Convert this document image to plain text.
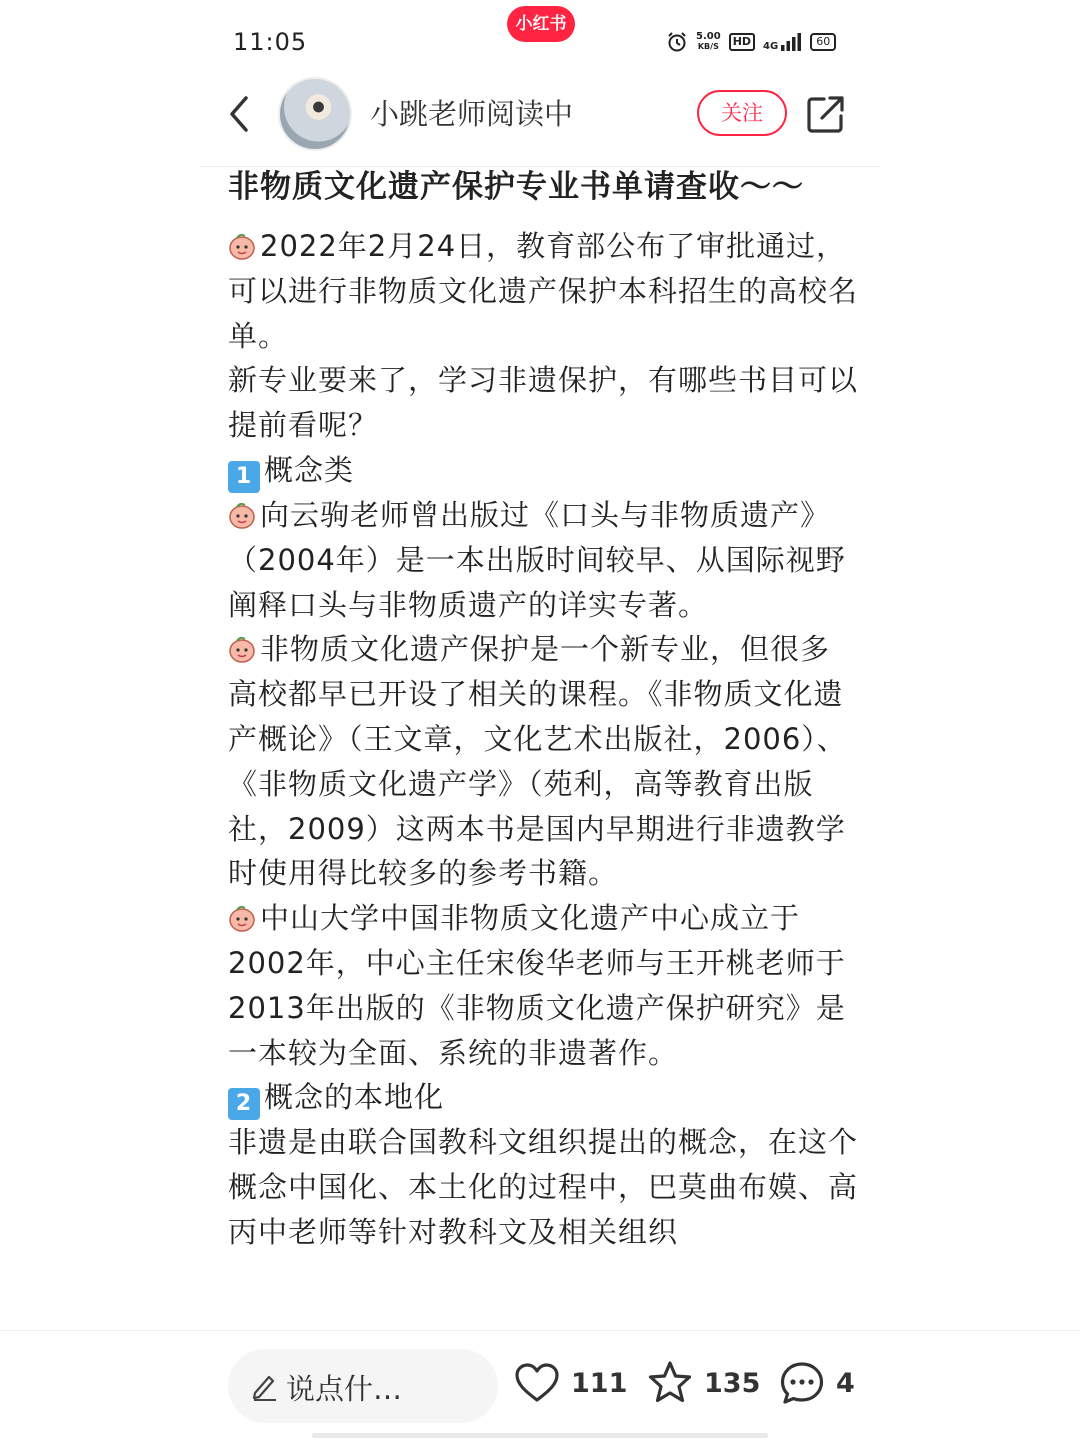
11:05
小红书
5.00
KB/S	HD	4G	60
小跳老师阅读中	关注
非物质文化遗产保护专业书单请查收～～

2022年2月24日，教育部公布了审批通过，可以进行非物质文化遗产保护本科招生的高校名单。

新专业要来了，学习非遗保护，有哪些书目可以提前看呢？

1 概念类

向云驹老师曾出版过《口头与非物质遗产》（2004年）是一本出版时间较早、从国际视野阐释口头与非物质遗产的详实专著。

非物质文化遗产保护是一个新专业，但很多高校都早已开设了相关的课程。《非物质文化遗产概论》（王文章，文化艺术出版社，2006）、《非物质文化遗产学》（苑利，高等教育出版社，2009）这两本书是国内早期进行非遗教学时使用得比较多的参考书籍。

中山大学中国非物质文化遗产中心成立于2002年，中心主任宋俊华老师与王开桃老师于2013年出版的《非物质文化遗产保护研究》是一本较为全面、系统的非遗著作。

2 概念的本地化

非遗是由联合国教科文组织提出的概念，在这个概念中国化、本土化的过程中，巴莫曲布嫫、高丙中老师等针对教科文及相关组织

说点什…	111	135	4
